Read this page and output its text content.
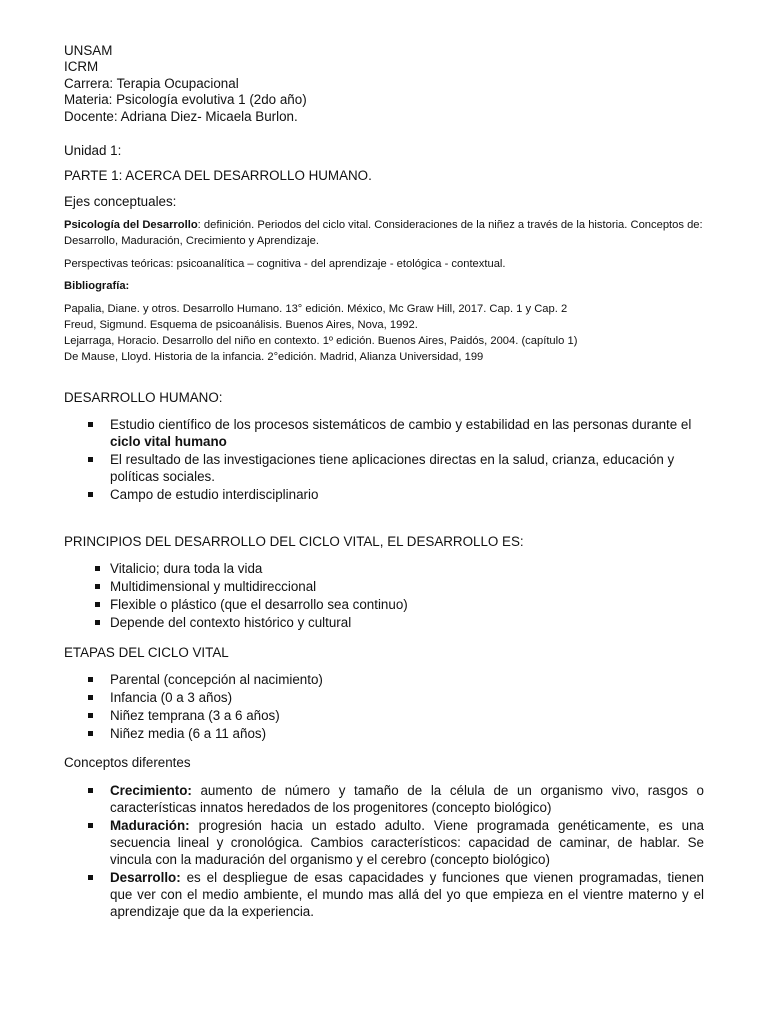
UNSAM
ICRM
Carrera: Terapia Ocupacional
Materia: Psicología evolutiva 1 (2do año)
Docente: Adriana Diez- Micaela Burlon.
Unidad 1:
PARTE 1: ACERCA DEL DESARROLLO HUMANO.
Ejes conceptuales:
Psicología del Desarrollo: definición. Periodos del ciclo vital. Consideraciones de la niñez a través de la historia. Conceptos de: Desarrollo, Maduración, Crecimiento y Aprendizaje.
Perspectivas teóricas: psicoanalítica – cognitiva - del aprendizaje - etológica - contextual.
Bibliografía:
Papalia, Diane. y otros. Desarrollo Humano. 13° edición. México, Mc Graw Hill, 2017. Cap. 1 y Cap. 2
Freud, Sigmund. Esquema de psicoanálisis. Buenos Aires, Nova, 1992.
Lejarraga, Horacio. Desarrollo del niño en contexto. 1º edición. Buenos Aires, Paidós, 2004. (capítulo 1)
De Mause, Lloyd. Historia de la infancia. 2°edición. Madrid, Alianza Universidad, 199
DESARROLLO HUMANO:
Estudio científico de los procesos sistemáticos de cambio y estabilidad en las personas durante el ciclo vital humano
El resultado de las investigaciones tiene aplicaciones directas en la salud, crianza, educación y políticas sociales.
Campo de estudio interdisciplinario
PRINCIPIOS DEL DESARROLLO DEL CICLO VITAL, EL DESARROLLO ES:
Vitalicio; dura toda la vida
Multidimensional y multidireccional
Flexible o plástico (que el desarrollo sea continuo)
Depende del contexto histórico y cultural
ETAPAS DEL CICLO VITAL
Parental (concepción al nacimiento)
Infancia (0 a 3 años)
Niñez temprana (3 a 6 años)
Niñez media (6 a 11 años)
Conceptos diferentes
Crecimiento: aumento de número y tamaño de la célula de un organismo vivo, rasgos o características innatos heredados de los progenitores (concepto biológico)
Maduración: progresión hacia un estado adulto. Viene programada genéticamente, es una secuencia lineal y cronológica. Cambios característicos: capacidad de caminar, de hablar. Se vincula con la maduración del organismo y el cerebro (concepto biológico)
Desarrollo: es el despliegue de esas capacidades y funciones que vienen programadas, tienen que ver con el medio ambiente, el mundo mas allá del yo que empieza en el vientre materno y el aprendizaje que da la experiencia.
